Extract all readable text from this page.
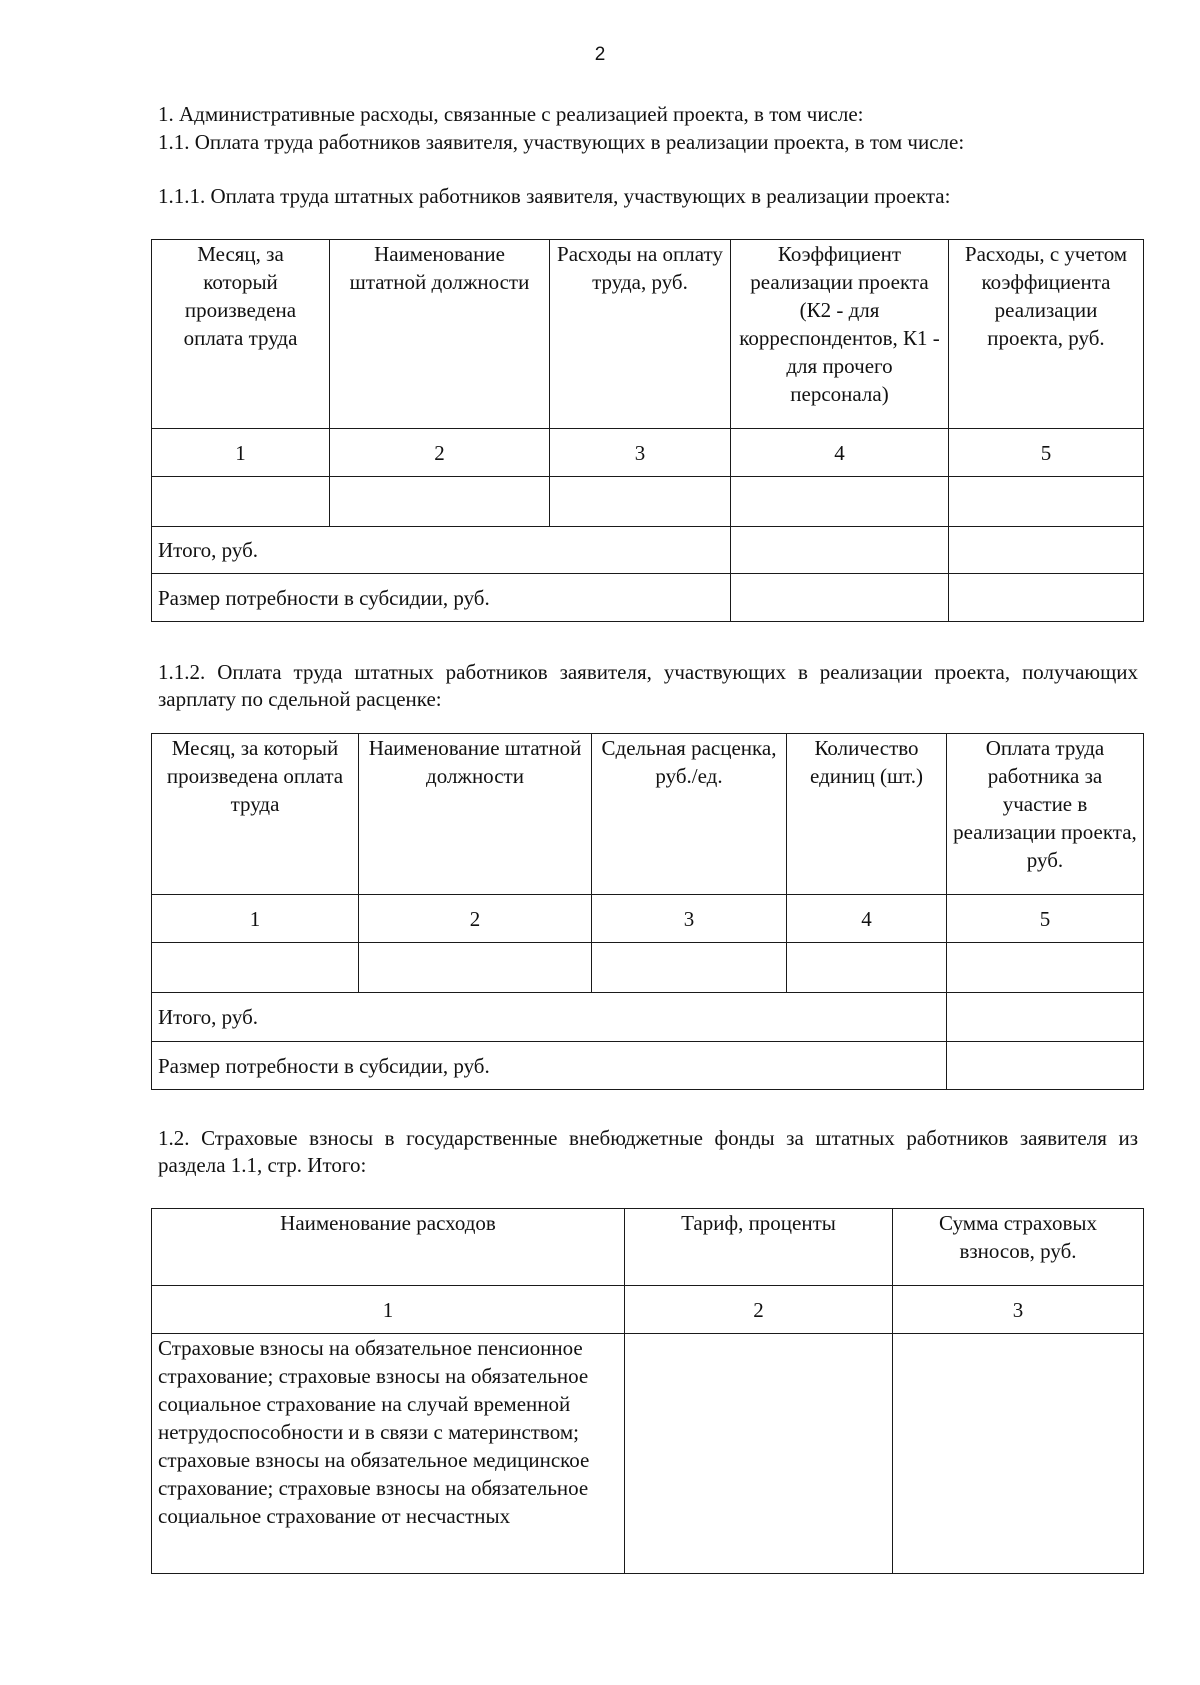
2
1. Административные расходы, связанные с реализацией проекта, в том числе:
1.1. Оплата труда работников заявителя, участвующих в реализации проекта, в том числе:
1.1.1. Оплата труда штатных работников заявителя, участвующих в реализации проекта:
Месяц, за который произведена оплата труда	Наименование штатной должности	Расходы на оплату труда, руб.	Коэффициент реализации проекта (К2 - для корреспондентов, К1 - для прочего персонала)	Расходы, с учетом коэффициента реализации проекта, руб.
1	2	3	4	5

Итого, руб.				
Размер потребности в субсидии, руб.				
1.1.2. Оплата труда штатных работников заявителя, участвующих в реализации проекта, получающих зарплату по сдельной расценке:
Месяц, за который произведена оплата труда	Наименование штатной должности	Сдельная расценка, руб./ед.	Количество единиц (шт.)	Оплата труда работника за участие в реализации проекта, руб.
1	2	3	4	5

Итого, руб.				
Размер потребности в субсидии, руб.				
1.2. Страховые взносы в государственные внебюджетные фонды за штатных работников заявителя из раздела 1.1, стр. Итого:
Наименование расходов	Тариф, проценты	Сумма страховых взносов, руб.
1	2	3
Страховые взносы на обязательное пенсионное страхование; страховые взносы на обязательное социальное страхование на случай временной нетрудоспособности и в связи с материнством; страховые взносы на обязательное медицинское страхование; страховые взносы на обязательное социальное страхование от несчастных		
